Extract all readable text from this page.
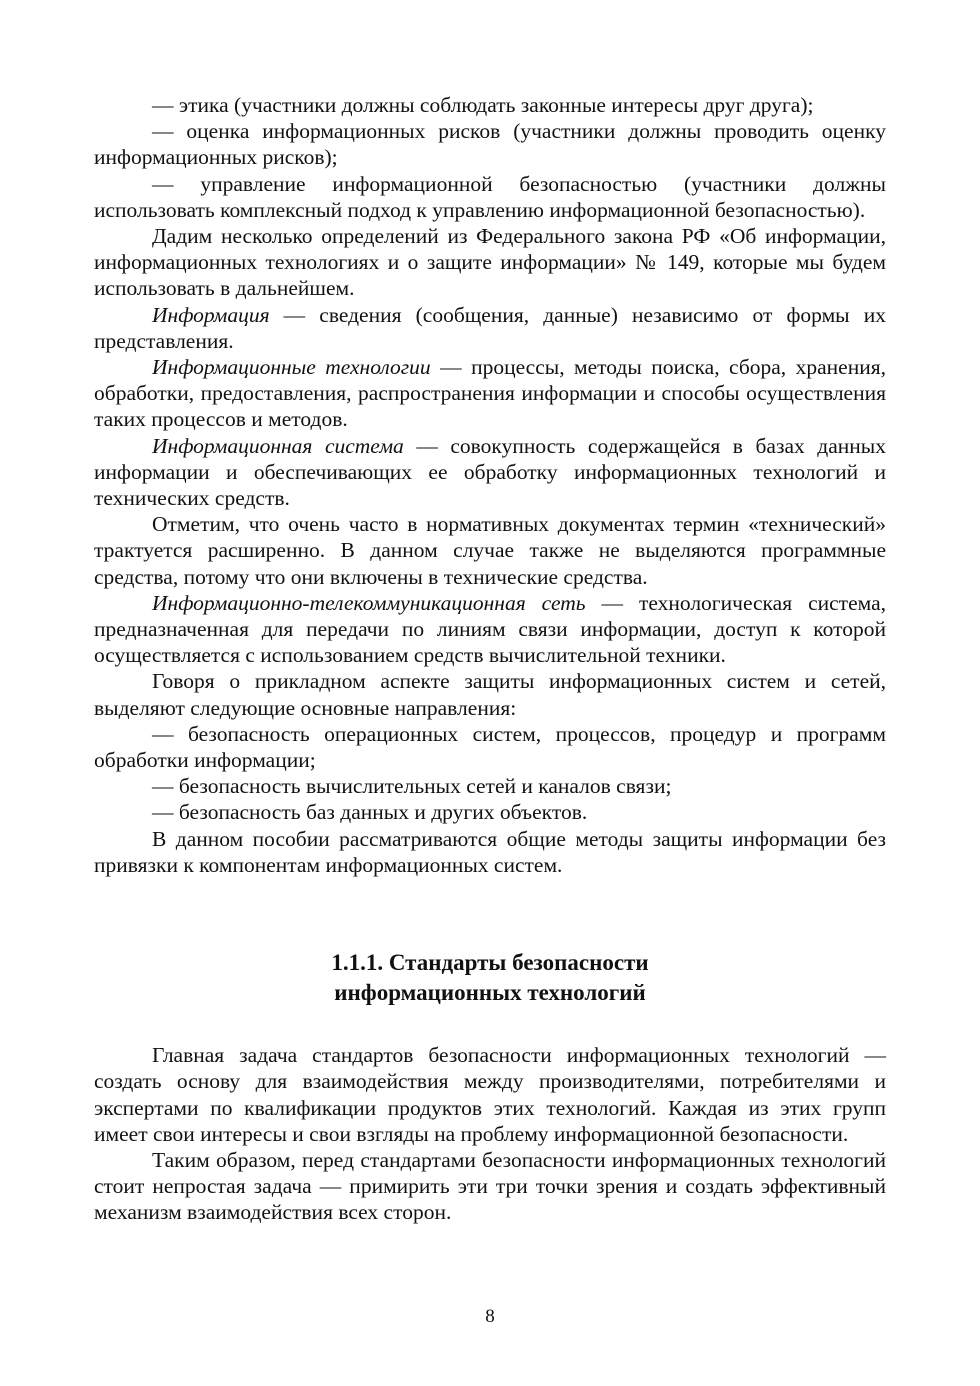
— этика (участники должны соблюдать законные интересы друг друга);

— оценка информационных рисков (участники должны проводить оценку информационных рисков);

— управление информационной безопасностью (участники должны использовать комплексный подход к управлению информационной безопасностью).

Дадим несколько определений из Федерального закона РФ «Об информации, информационных технологиях и о защите информации» № 149, которые мы будем использовать в дальнейшем.

Информация — сведения (сообщения, данные) независимо от формы их представления.

Информационные технологии — процессы, методы поиска, сбора, хранения, обработки, предоставления, распространения информации и способы осуществления таких процессов и методов.

Информационная система — совокупность содержащейся в базах данных информации и обеспечивающих ее обработку информационных технологий и технических средств.

Отметим, что очень часто в нормативных документах термин «технический» трактуется расширенно. В данном случае также не выделяются программные средства, потому что они включены в технические средства.

Информационно-телекоммуникационная сеть — технологическая система, предназначенная для передачи по линиям связи информации, доступ к которой осуществляется с использованием средств вычислительной техники.

Говоря о прикладном аспекте защиты информационных систем и сетей, выделяют следующие основные направления:

— безопасность операционных систем, процессов, процедур и программ обработки информации;

— безопасность вычислительных сетей и каналов связи;

— безопасность баз данных и других объектов.

В данном пособии рассматриваются общие методы защиты информации без привязки к компонентам информационных систем.

1.1.1. Стандарты безопасности
информационных технологий

Главная задача стандартов безопасности информационных технологий — создать основу для взаимодействия между производителями, потребителями и экспертами по квалификации продуктов этих технологий. Каждая из этих групп имеет свои интересы и свои взгляды на проблему информационной безопасности.

Таким образом, перед стандартами безопасности информационных технологий стоит непростая задача — примирить эти три точки зрения и создать эффективный механизм взаимодействия всех сторон.

8
